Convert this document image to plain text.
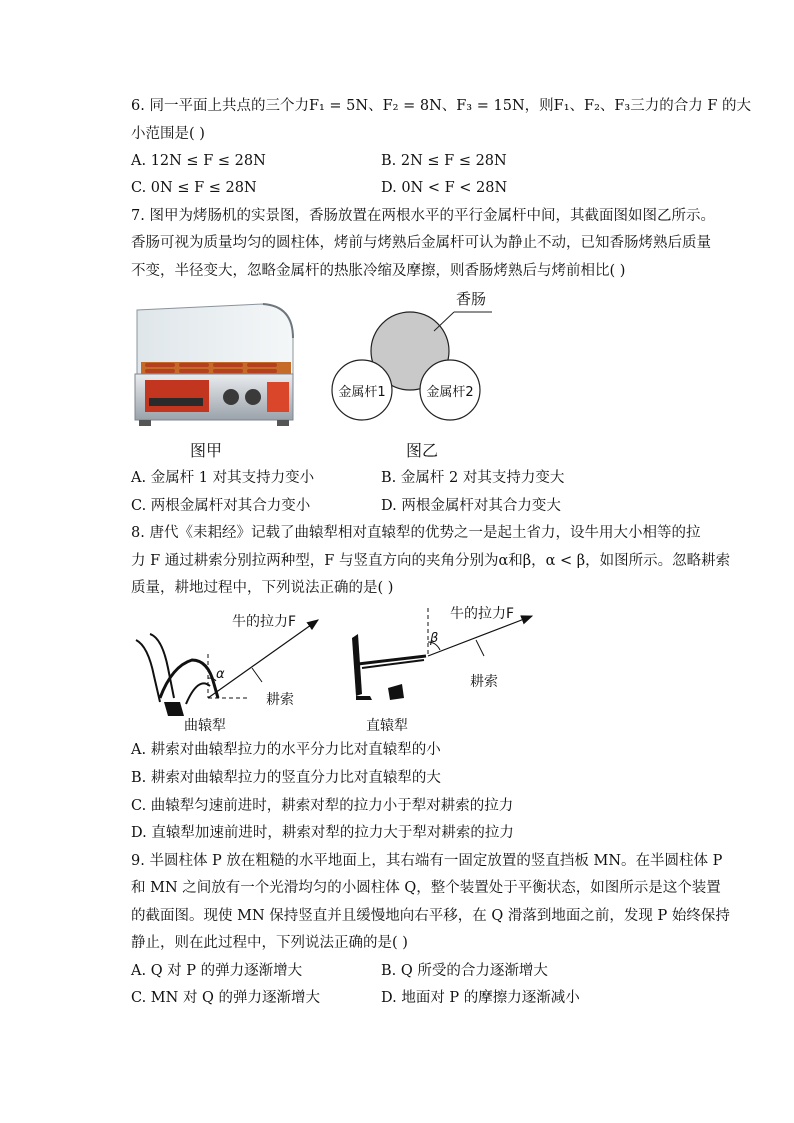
6. 同一平面上共点的三个力F₁ = 5N、F₂ = 8N、F₃ = 15N，则F₁、F₂、F₃三力的合力 F 的大
小范围是( )
A. 12N ≤ F ≤ 28N	B. 2N ≤ F ≤ 28N
C. 0N ≤ F ≤ 28N	D. 0N < F < 28N
7. 图甲为烤肠机的实景图，香肠放置在两根水平的平行金属杆中间，其截面图如图乙所示。
香肠可视为质量均匀的圆柱体，烤前与烤熟后金属杆可认为静止不动，已知香肠烤熟后质量
不变，半径变大，忽略金属杆的热胀冷缩及摩擦，则香肠烤熟后与烤前相比( )
图甲
香肠
金属杆1	金属杆2
图乙
A. 金属杆 1 对其支持力变小	B. 金属杆 2 对其支持力变大
C. 两根金属杆对其合力变小	D. 两根金属杆对其合力变大
8. 唐代《耒耜经》记载了曲辕犁相对直辕犁的优势之一是起土省力，设牛用大小相等的拉
力 F 通过耕索分别拉两种型，F 与竖直方向的夹角分别为α和β，α < β，如图所示。忽略耕索
质量，耕地过程中，下列说法正确的是( )
α
牛的拉力F
耕索
曲辕犁
β
牛的拉力F
耕索
直辕犁
A. 耕索对曲辕犁拉力的水平分力比对直辕犁的小
B. 耕索对曲辕犁拉力的竖直分力比对直辕犁的大
C. 曲辕犁匀速前进时，耕索对犁的拉力小于犁对耕索的拉力
D. 直辕犁加速前进时，耕索对犁的拉力大于犁对耕索的拉力
9. 半圆柱体 P 放在粗糙的水平地面上，其右端有一固定放置的竖直挡板 MN。在半圆柱体 P
和 MN 之间放有一个光滑均匀的小圆柱体 Q，整个装置处于平衡状态，如图所示是这个装置
的截面图。现使 MN 保持竖直并且缓慢地向右平移，在 Q 滑落到地面之前，发现 P 始终保持
静止，则在此过程中，下列说法正确的是( )
A. Q 对 P 的弹力逐渐增大	B. Q 所受的合力逐渐增大
C. MN 对 Q 的弹力逐渐增大	D. 地面对 P 的摩擦力逐渐减小
